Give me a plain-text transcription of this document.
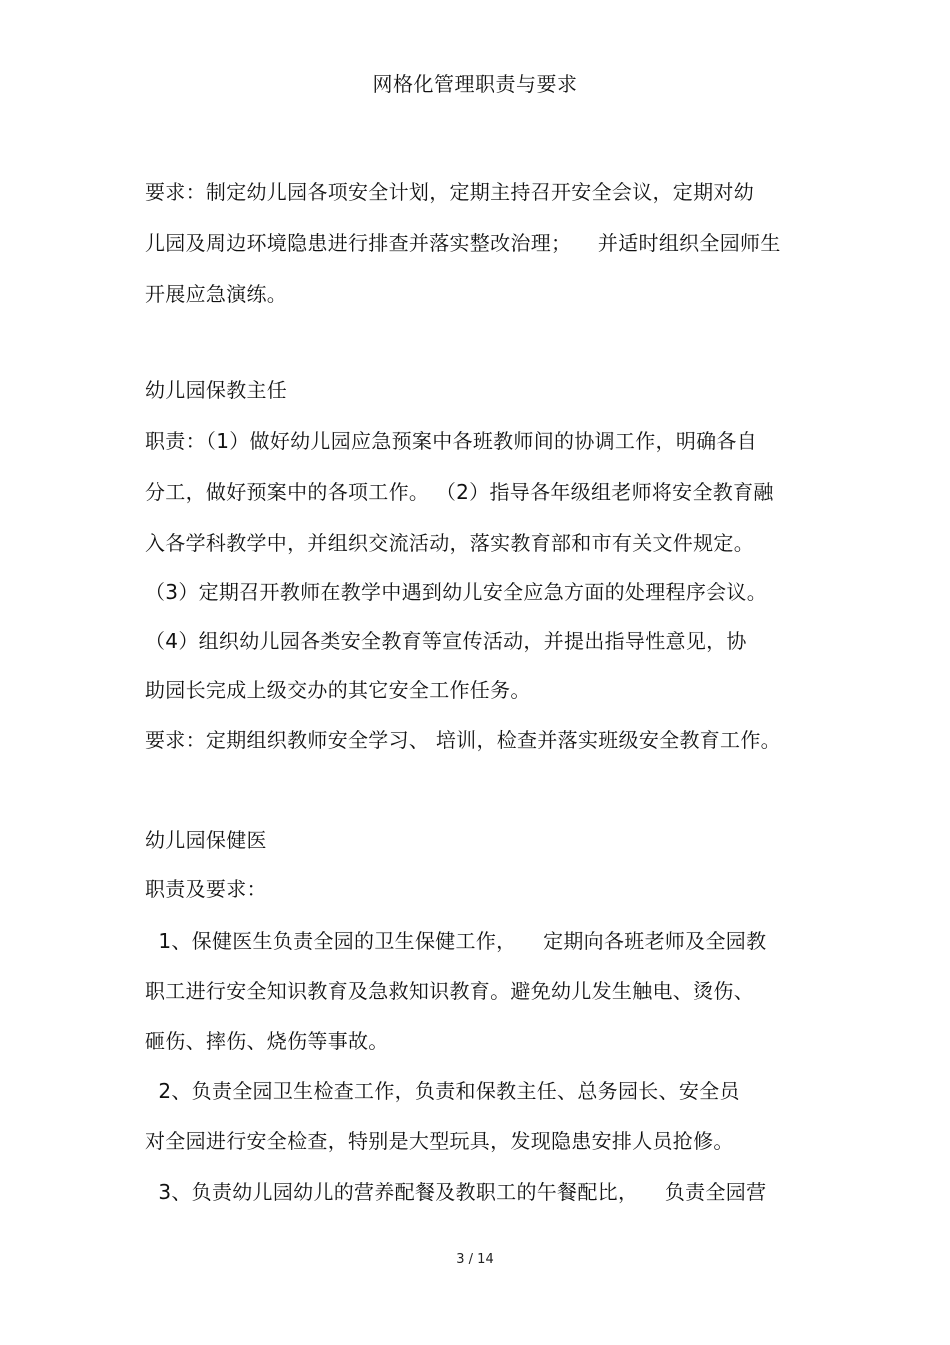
网格化管理职责与要求
要求：制定幼儿园各项安全计划，定期主持召开安全会议，定期对幼
儿园及周边环境隐患进行排查并落实整改治理；    并适时组织全园师生
开展应急演练。
幼儿园保教主任
职责：（1）做好幼儿园应急预案中各班教师间的协调工作，明确各自
分工，做好预案中的各项工作。 （2）指导各年级组老师将安全教育融
入各学科教学中，并组织交流活动，落实教育部和市有关文件规定。
（3）定期召开教师在教学中遇到幼儿安全应急方面的处理程序会议。
（4）组织幼儿园各类安全教育等宣传活动，并提出指导性意见，协
助园长完成上级交办的其它安全工作任务。
要求：定期组织教师安全学习、 培训，检查并落实班级安全教育工作。
幼儿园保健医
职责及要求：
1、保健医生负责全园的卫生保健工作，    定期向各班老师及全园教
职工进行安全知识教育及急救知识教育。避免幼儿发生触电、烫伤、
砸伤、摔伤、烧伤等事故。
2、负责全园卫生检查工作，负责和保教主任、总务园长、安全员
对全园进行安全检查，特别是大型玩具，发现隐患安排人员抢修。
3、负责幼儿园幼儿的营养配餐及教职工的午餐配比，    负责全园营
3 / 14
